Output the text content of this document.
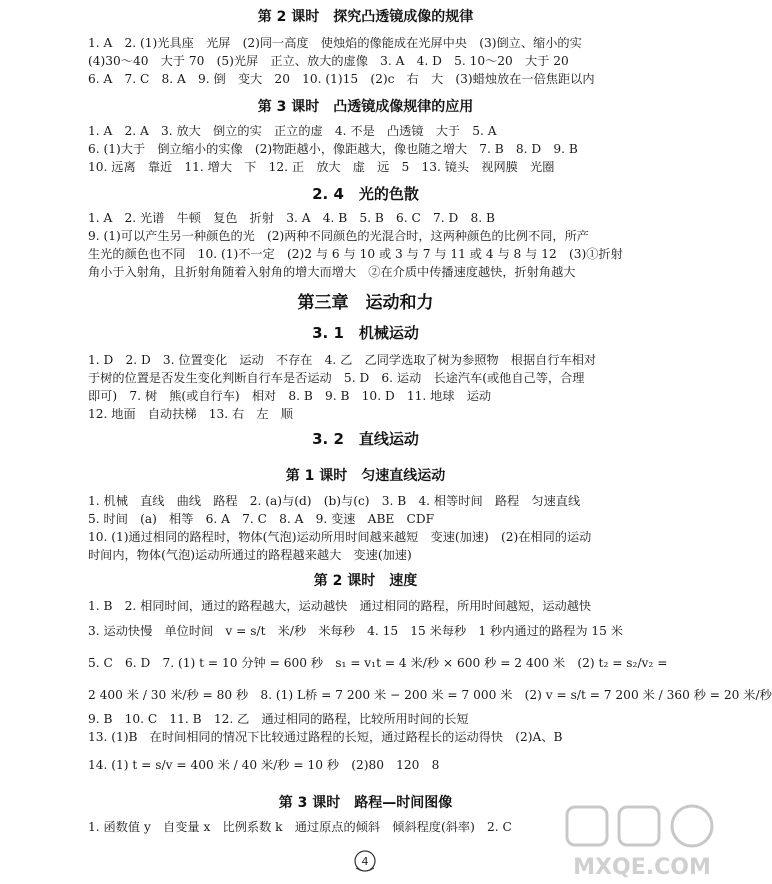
第 2 课时　探究凸透镜成像的规律
1. A　2. (1)光具座　光屏　(2)同一高度　使烛焰的像能成在光屏中央　(3)倒立、缩小的实
(4)30～40　大于 70　(5)光屏　正立、放大的虚像　3. A　4. D　5. 10～20　大于 20
6. A　7. C　8. A　9. 倒　变大　20　10. (1)15　(2)c　右　大　(3)蜡烛放在一倍焦距以内
第 3 课时　凸透镜成像规律的应用
1. A　2. A　3. 放大　倒立的实　正立的虚　4. 不是　凸透镜　大于　5. A
6. (1)大于　倒立缩小的实像　(2)物距越小，像距越大，像也随之增大　7. B　8. D　9. B
10. 远离　靠近　11. 增大　下　12. 正　放大　虚　远　5　13. 镜头　视网膜　光圈
2. 4　光的色散
1. A　2. 光谱　牛顿　复色　折射　3. A　4. B　5. B　6. C　7. D　8. B
9. (1)可以产生另一种颜色的光　(2)两种不同颜色的光混合时，这两种颜色的比例不同，所产
生光的颜色也不同　10. (1)不一定　(2)2 与 6 与 10 或 3 与 7 与 11 或 4 与 8 与 12　(3)①折射
角小于入射角，且折射角随着入射角的增大而增大　②在介质中传播速度越快，折射角越大
第三章　运动和力
3. 1　机械运动
1. D　2. D　3. 位置变化　运动　不存在　4. 乙　乙同学选取了树为参照物　根据自行车相对
于树的位置是否发生变化判断自行车是否运动　5. D　6. 运动　长途汽车(或他自己等，合理
即可)　7. 树　熊(或自行车)　相对　8. B　9. B　10. D　11. 地球　运动
12. 地面　自动扶梯　13. 右　左　顺
3. 2　直线运动
第 1 课时　匀速直线运动
1. 机械　直线　曲线　路程　2. (a)与(d)　(b)与(c)　3. B　4. 相等时间　路程　匀速直线
5. 时间　(a)　相等　6. A　7. C　8. A　9. 变速　ABE　CDF
10. (1)通过相同的路程时，物体(气泡)运动所用时间越来越短　变速(加速)　(2)在相同的运动
时间内，物体(气泡)运动所通过的路程越来越大　变速(加速)
第 2 课时　速度
1. B　2. 相同时间，通过的路程越大，运动越快　通过相同的路程，所用时间越短，运动越快
3. 运动快慢　单位时间　v = s/t　米/秒　米每秒　4. 15　15 米每秒　1 秒内通过的路程为 15 米
5. C　6. D　7. (1) t = 10 分钟 = 600 秒　s₁ = v₁t = 4 米/秒 × 600 秒 = 2 400 米　(2) t₂ = s₂/v₂ =
2 400 米 / 30 米/秒 = 80 秒　8. (1) L桥 = 7 200 米 − 200 米 = 7 000 米　(2) v = s/t = 7 200 米 / 360 秒 = 20 米/秒
9. B　10. C　11. B　12. 乙　通过相同的路程，比较所用时间的长短
13. (1)B　在时间相同的情况下比较通过路程的长短，通过路程长的运动得快　(2)A、B
14. (1) t = s/v = 400 米 / 40 米/秒 = 10 秒　(2)80　120　8
第 3 课时　路程—时间图像
1. 函数值 y　自变量 x　比例系数 k　通过原点的倾斜　倾斜程度(斜率)　2. C
4	MXQE.COM
